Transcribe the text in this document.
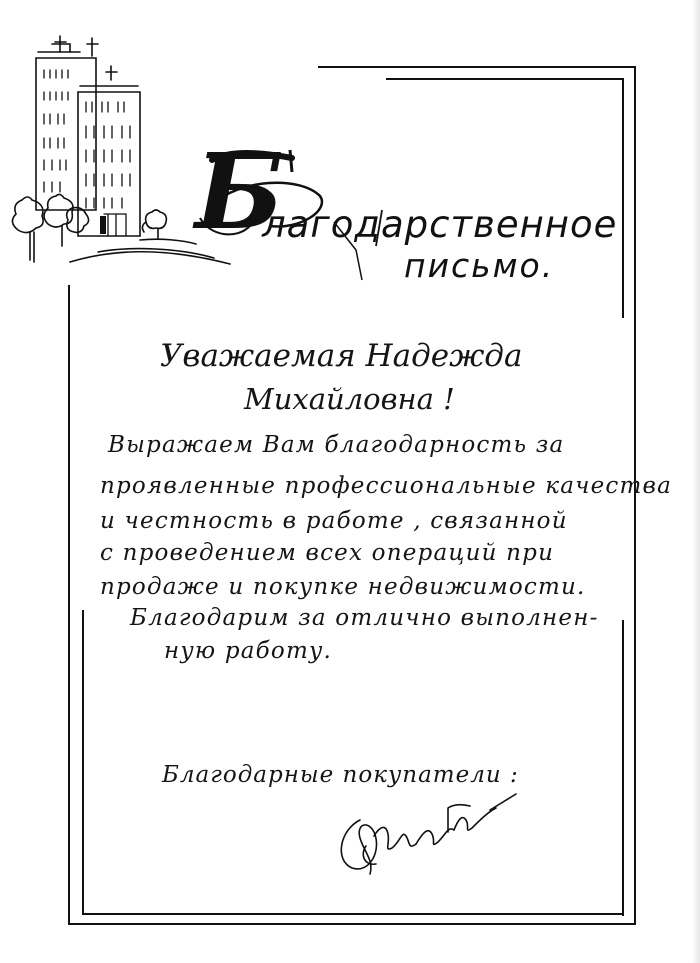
Б
лагодарственное
письмо.
Уважаемая Надежда
Михайловна !
Выражаем Вам благодарность за
проявленные профессиональные качества
и честность в работе , связанной
с проведением всех операций при
продаже и покупке недвижимости.
Благодарим за отлично выполнен-
ную работу.
Благодарные покупатели :
